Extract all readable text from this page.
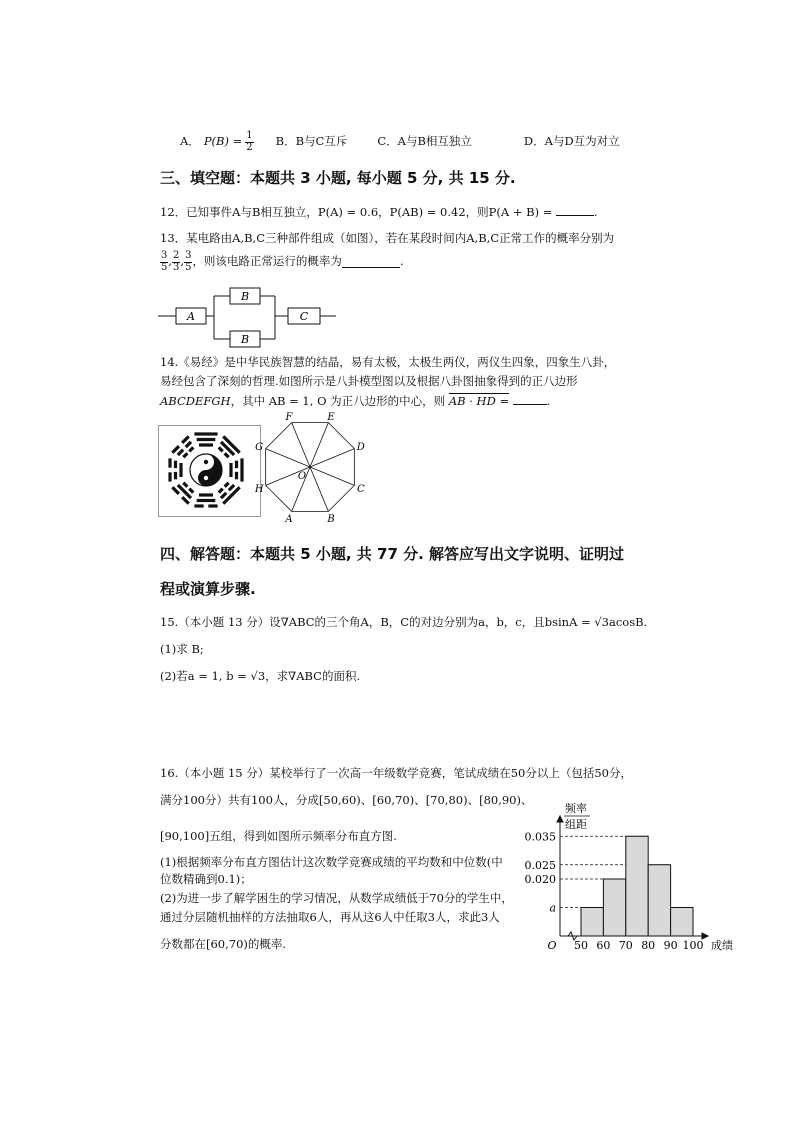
A． $P(B) = \frac{1}{2}$ B． B与C互斥	C． A与B相互独立	D． A与D互为对立
三、填空题：本题共 3 小题, 每小题 5 分, 共 15 分.
12．已知事件A与B相互独立，P(A) = 0.6，P(AB) = 0.42，则P(A + B) =	.
13．某电路由A,B,C三种部件组成（如图），若在某段时间内A,B,C正常工作的概率分别为
$\frac{3}{5}$ , $\frac{2}{3}$ , $\frac{3}{5}$ ，则该电路正常运行的概率为	.
A
B
B
C
14.《易经》是中华民族智慧的结晶，易有太极，太极生两仪，两仪生四象，四象生八卦，
易经包含了深刻的哲理.如图所示是八卦模型图以及根据八卦图抽象得到的正八边形
ABCDEFGH，其中 AB = 1, O 为正八边形的中心，则 AB · HD =	.
A	B
C
D
E
F
G
H
O
四、解答题：本题共 5 小题, 共 77 分. 解答应写出文字说明、证明过
程或演算步骤.
15.（本小题 13 分）设∇ABC的三个角A，B，C的对边分别为a，b，c，且bsinA = √3acosB.
(1)求 B;
(2)若a = 1, b = √3，求∇ABC的面积.
16.（本小题 15 分）某校举行了一次高一年级数学竞赛，笔试成绩在50分以上（包括50分，
满分100分）共有100人，分成[50,60)、[60,70)、[70,80)、[80,90)、
[90,100]五组，得到如图所示频率分布直方图.
(1)根据频率分布直方图估计这次数学竞赛成绩的平均数和中位数(中
位数精确到0.1)；
(2)为进一步了解学困生的学习情况，从数学成绩低于70分的学生中，
通过分层随机抽样的方法抽取6人，再从这6人中任取3人，求此3人
分数都在[60,70)的概率.
0.035
0.025
0.020
a
50 60 70 80 90 100
O	成绩
频率
组距
